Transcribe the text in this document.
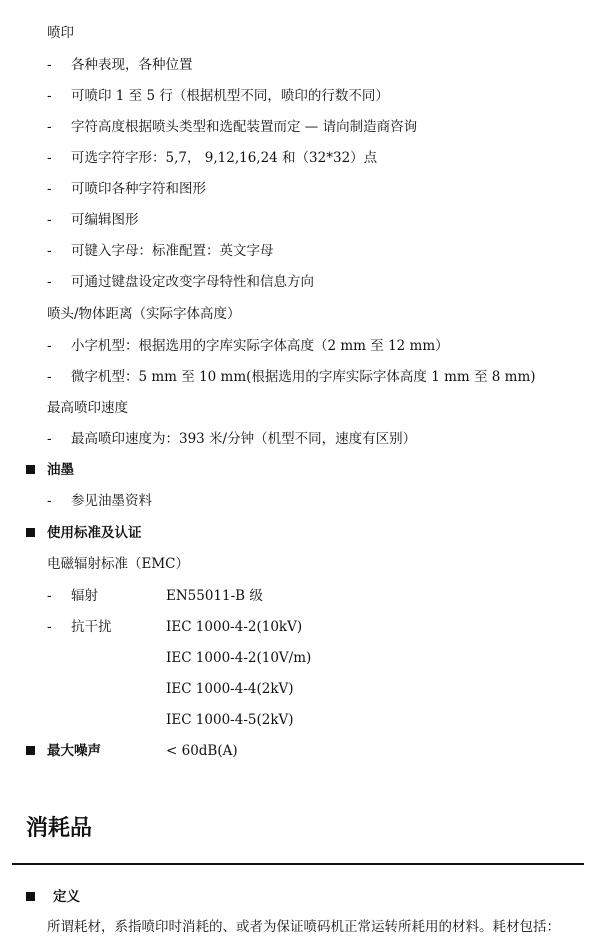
喷印
-	各种表现，各种位置
-	可喷印 1 至 5 行（根据机型不同，喷印的行数不同）
-	字符高度根据喷头类型和选配装置而定 — 请向制造商咨询
-	可选字符字形：5,7， 9,12,16,24 和（32*32）点
-	可喷印各种字符和图形
-	可编辑图形
-	可键入字母：标准配置：英文字母
-	可通过键盘设定改变字母特性和信息方向
喷头/物体距离（实际字体高度）
-	小字机型：根据选用的字库实际字体高度（2 mm 至 12 mm）
-	微字机型：5 mm 至 10 mm(根据选用的字库实际字体高度 1 mm 至 8 mm)
最高喷印速度
-	最高喷印速度为：393 米/分钟（机型不同，速度有区别）
油墨
-	参见油墨资料
使用标准及认证
电磁辐射标准（EMC）
-	辐射	EN55011-B 级
-	抗干扰	IEC 1000-4-2(10kV)
IEC 1000-4-2(10V/m)
IEC 1000-4-4(2kV)
IEC 1000-4-5(2kV)
最大噪声	< 60dB(A)
消耗品
定义
所谓耗材，系指喷印时消耗的、或者为保证喷码机正常运转所耗用的材料。耗材包括：
